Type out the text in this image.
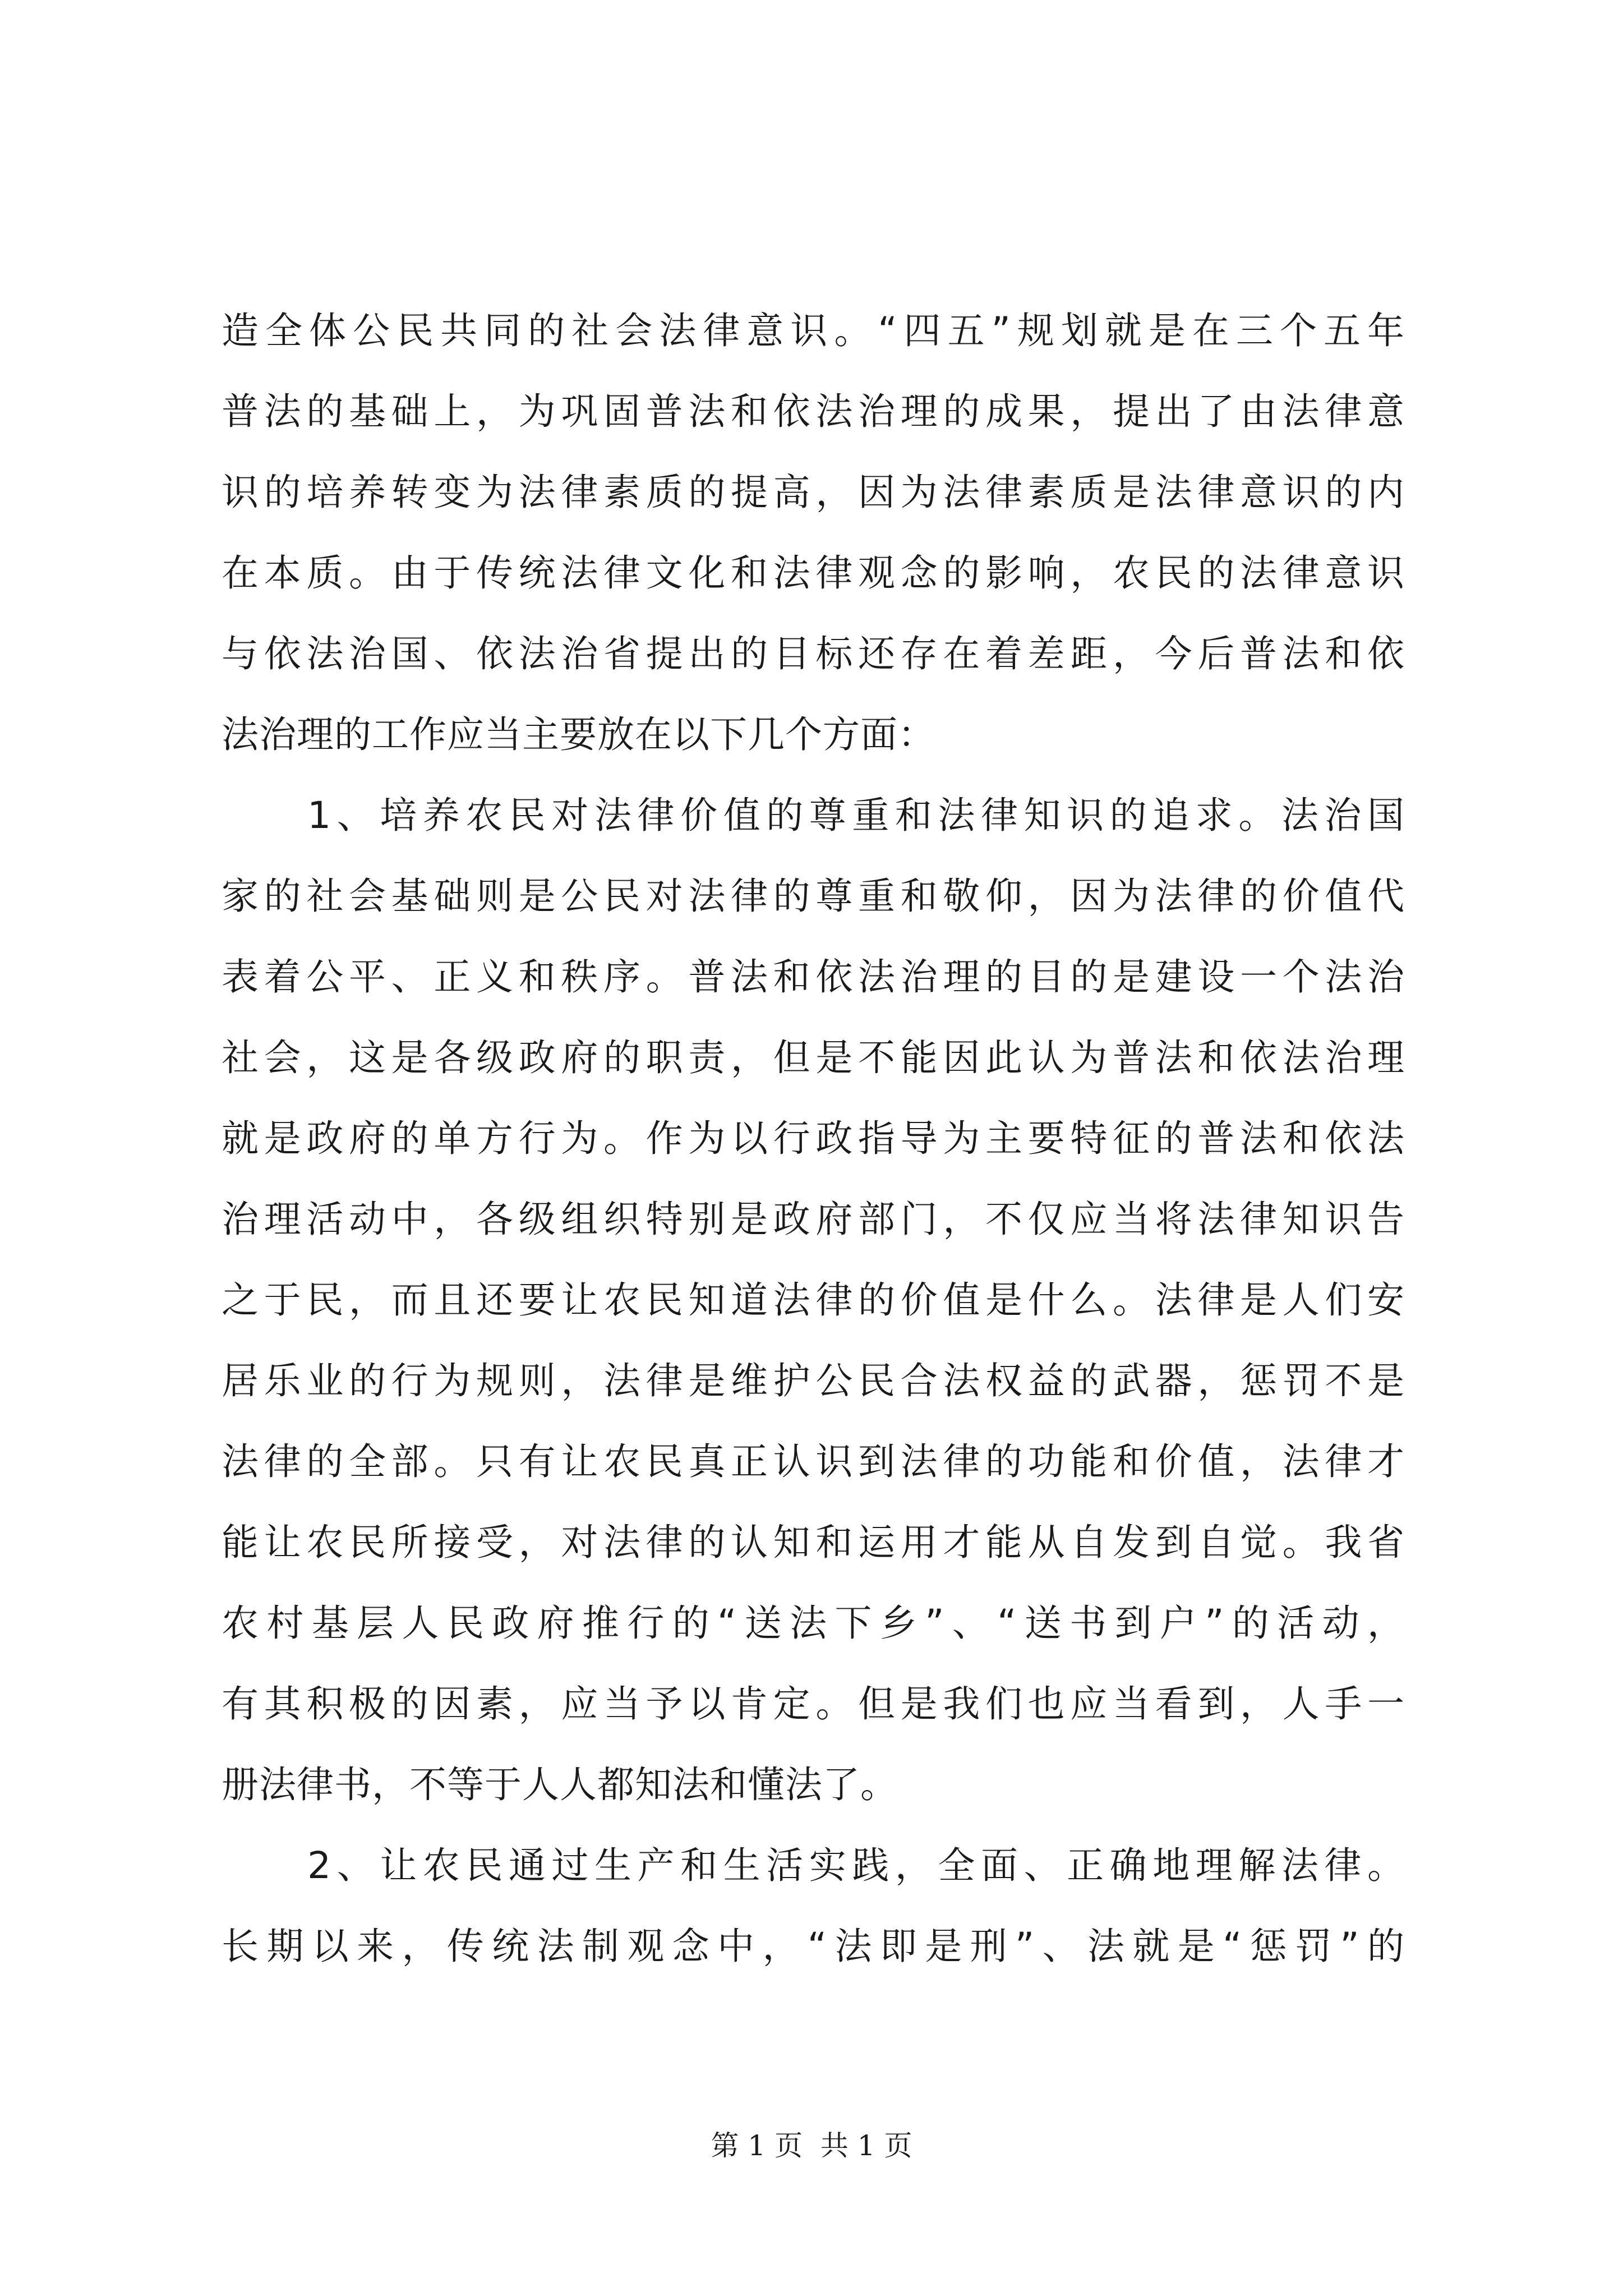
造全体公民共同的社会法律意识。“四五”规划就是在三个五年
普法的基础上，为巩固普法和依法治理的成果，提出了由法律意
识的培养转变为法律素质的提高，因为法律素质是法律意识的内
在本质。由于传统法律文化和法律观念的影响，农民的法律意识
与依法治国、依法治省提出的目标还存在着差距，今后普法和依
法治理的工作应当主要放在以下几个方面：
　　1、培养农民对法律价值的尊重和法律知识的追求。法治国
家的社会基础则是公民对法律的尊重和敬仰，因为法律的价值代
表着公平、正义和秩序。普法和依法治理的目的是建设一个法治
社会，这是各级政府的职责，但是不能因此认为普法和依法治理
就是政府的单方行为。作为以行政指导为主要特征的普法和依法
治理活动中，各级组织特别是政府部门，不仅应当将法律知识告
之于民，而且还要让农民知道法律的价值是什么。法律是人们安
居乐业的行为规则，法律是维护公民合法权益的武器，惩罚不是
法律的全部。只有让农民真正认识到法律的功能和价值，法律才
能让农民所接受，对法律的认知和运用才能从自发到自觉。我省
农村基层人民政府推行的“送法下乡”、“送书到户”的活动，
有其积极的因素，应当予以肯定。但是我们也应当看到，人手一
册法律书，不等于人人都知法和懂法了。
　　2、让农民通过生产和生活实践，全面、正确地理解法律。
长期以来，传统法制观念中，“法即是刑”、法就是“惩罚”的
第 1 页  共 1 页
